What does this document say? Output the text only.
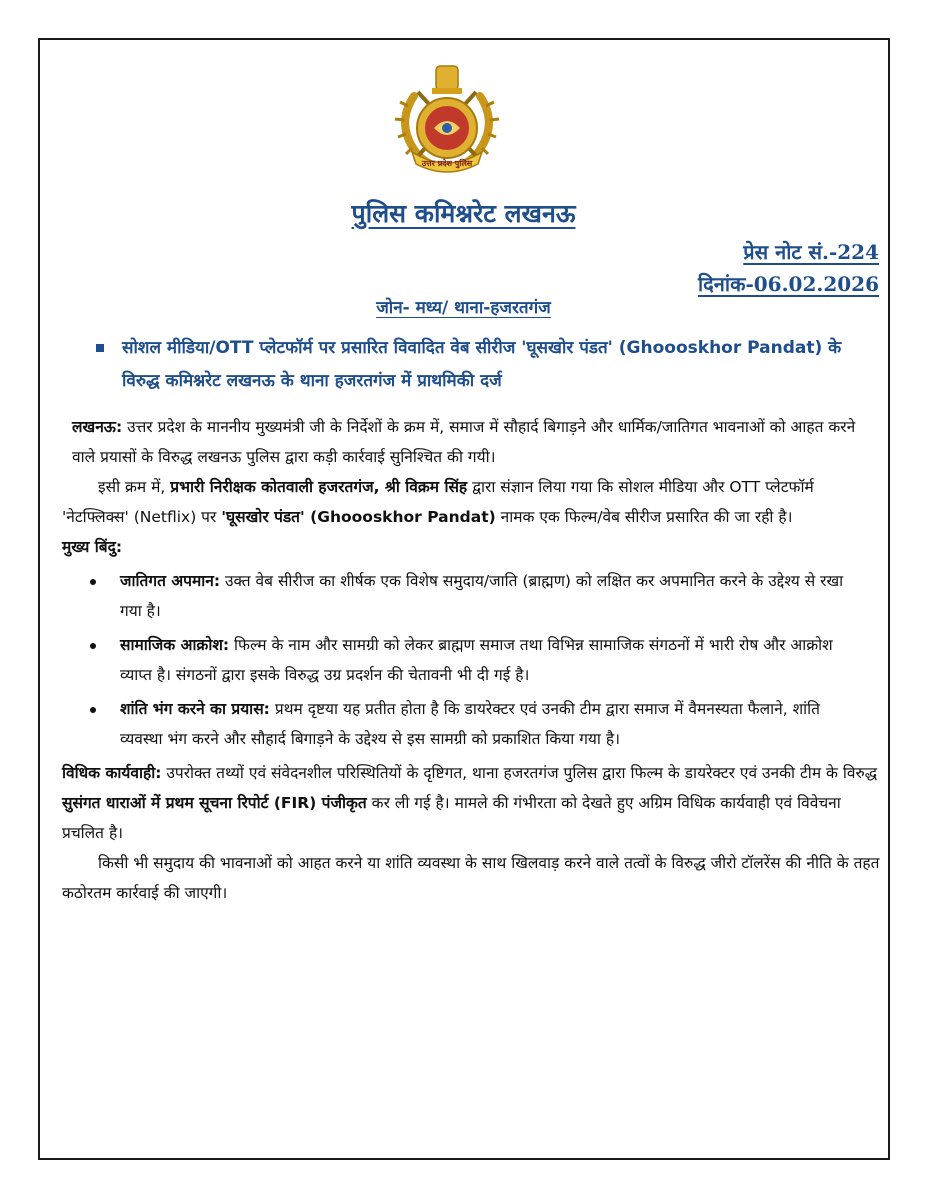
उत्तर प्रदेश पुलिस
पुलिस कमिश्नरेट लखनऊ
प्रेस नोट सं.-224
दिनांक-06.02.2026
जोन- मध्य/ थाना-हजरतगंज
सोशल मीडिया/OTT प्लेटफॉर्म पर प्रसारित विवादित वेब सीरीज 'घूसखोर पंडत' (Ghoooskhor Pandat) के विरुद्ध कमिश्नरेट लखनऊ के थाना हजरतगंज में प्राथमिकी दर्ज

लखनऊ: उत्तर प्रदेश के माननीय मुख्यमंत्री जी के निर्देशों के क्रम में, समाज में सौहार्द बिगाड़ने और धार्मिक/जातिगत भावनाओं को आहत करने वाले प्रयासों के विरुद्ध लखनऊ पुलिस द्वारा कड़ी कार्रवाई सुनिश्चित की गयी।

इसी क्रम में, प्रभारी निरीक्षक कोतवाली हजरतगंज, श्री विक्रम सिंह द्वारा संज्ञान लिया गया कि सोशल मीडिया और OTT प्लेटफॉर्म 'नेटफ्लिक्स' (Netflix) पर 'घूसखोर पंडत' (Ghoooskhor Pandat) नामक एक फिल्म/वेब सीरीज प्रसारित की जा रही है।

मुख्य बिंदु:

जातिगत अपमान: उक्त वेब सीरीज का शीर्षक एक विशेष समुदाय/जाति (ब्राह्मण) को लक्षित कर अपमानित करने के उद्देश्य से रखा गया है।
सामाजिक आक्रोश: फिल्म के नाम और सामग्री को लेकर ब्राह्मण समाज तथा विभिन्न सामाजिक संगठनों में भारी रोष और आक्रोश व्याप्त है। संगठनों द्वारा इसके विरुद्ध उग्र प्रदर्शन की चेतावनी भी दी गई है।
शांति भंग करने का प्रयास: प्रथम दृष्टया यह प्रतीत होता है कि डायरेक्टर एवं उनकी टीम द्वारा समाज में वैमनस्यता फैलाने, शांति व्यवस्था भंग करने और सौहार्द बिगाड़ने के उद्देश्य से इस सामग्री को प्रकाशित किया गया है।

विधिक कार्यवाही: उपरोक्त तथ्यों एवं संवेदनशील परिस्थितियों के दृष्टिगत, थाना हजरतगंज पुलिस द्वारा फिल्म के डायरेक्टर एवं उनकी टीम के विरुद्ध सुसंगत धाराओं में प्रथम सूचना रिपोर्ट (FIR) पंजीकृत कर ली गई है। मामले की गंभीरता को देखते हुए अग्रिम विधिक कार्यवाही एवं विवेचना प्रचलित है।

किसी भी समुदाय की भावनाओं को आहत करने या शांति व्यवस्था के साथ खिलवाड़ करने वाले तत्वों के विरुद्ध जीरो टॉलरेंस की नीति के तहत कठोरतम कार्रवाई की जाएगी।
